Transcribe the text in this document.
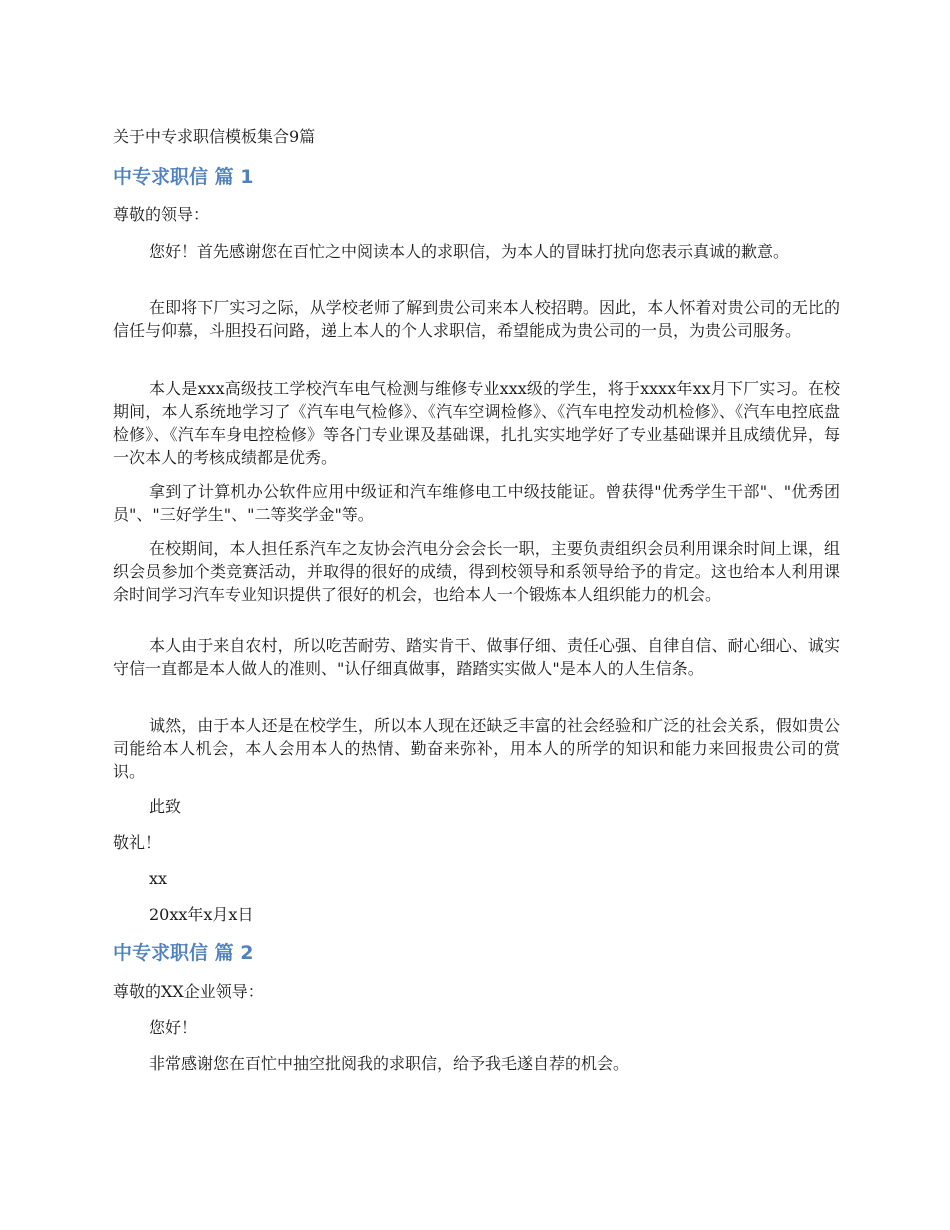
关于中专求职信模板集合9篇
中专求职信 篇 1
尊敬的领导：

您好！首先感谢您在百忙之中阅读本人的求职信，为本人的冒昧打扰向您表示真诚的歉意。

在即将下厂实习之际，从学校老师了解到贵公司来本人校招聘。因此，本人怀着对贵公司的无比的信任与仰慕，斗胆投石问路，递上本人的个人求职信，希望能成为贵公司的一员，为贵公司服务。

本人是xxx高级技工学校汽车电气检测与维修专业xxx级的学生，将于xxxx年xx月下厂实习。在校期间，本人系统地学习了《汽车电气检修》、《汽车空调检修》、《汽车电控发动机检修》、《汽车电控底盘检修》、《汽车车身电控检修》等各门专业课及基础课，扎扎实实地学好了专业基础课并且成绩优异，每一次本人的考核成绩都是优秀。

拿到了计算机办公软件应用中级证和汽车维修电工中级技能证。曾获得"优秀学生干部"、"优秀团员"、"三好学生"、"二等奖学金"等。

在校期间，本人担任系汽车之友协会汽电分会会长一职，主要负责组织会员利用课余时间上课，组织会员参加个类竞赛活动，并取得的很好的成绩，得到校领导和系领导给予的肯定。这也给本人利用课余时间学习汽车专业知识提供了很好的机会，也给本人一个锻炼本人组织能力的机会。

本人由于来自农村，所以吃苦耐劳、踏实肯干、做事仔细、责任心强、自律自信、耐心细心、诚实守信一直都是本人做人的准则、"认仔细真做事，踏踏实实做人"是本人的人生信条。

诚然，由于本人还是在校学生，所以本人现在还缺乏丰富的社会经验和广泛的社会关系，假如贵公司能给本人机会，本人会用本人的热情、勤奋来弥补，用本人的所学的知识和能力来回报贵公司的赏识。

此致
敬礼！
xx
20xx年x月x日
中专求职信 篇 2
尊敬的XX企业领导：
您好！

非常感谢您在百忙中抽空批阅我的求职信，给予我毛遂自荐的机会。
